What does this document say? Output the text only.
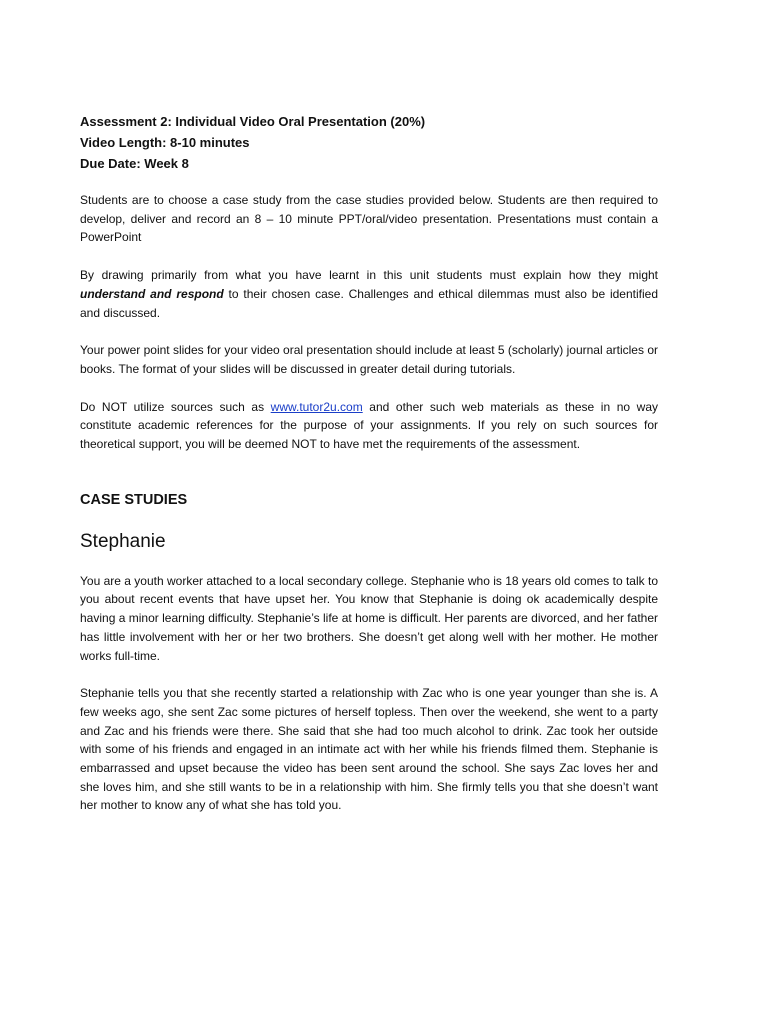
Assessment 2: Individual Video Oral Presentation (20%)

Video Length: 8-10 minutes

Due Date: Week 8

Students are to choose a case study from the case studies provided below. Students are then required to develop, deliver and record an 8 – 10 minute PPT/oral/video presentation. Presentations must contain a PowerPoint

By drawing primarily from what you have learnt in this unit students must explain how they might understand and respond to their chosen case. Challenges and ethical dilemmas must also be identified and discussed.

Your power point slides for your video oral presentation should include at least 5 (scholarly) journal articles or books. The format of your slides will be discussed in greater detail during tutorials.

Do NOT utilize sources such as www.tutor2u.com and other such web materials as these in no way constitute academic references for the purpose of your assignments. If you rely on such sources for theoretical support, you will be deemed NOT to have met the requirements of the assessment.

CASE STUDIES
Stephanie

You are a youth worker attached to a local secondary college. Stephanie who is 18 years old comes to talk to you about recent events that have upset her. You know that Stephanie is doing ok academically despite having a minor learning difficulty. Stephanie’s life at home is difficult. Her parents are divorced, and her father has little involvement with her or her two brothers. She doesn’t get along well with her mother. He mother works full-time.

Stephanie tells you that she recently started a relationship with Zac who is one year younger than she is. A few weeks ago, she sent Zac some pictures of herself topless. Then over the weekend, she went to a party and Zac and his friends were there. She said that she had too much alcohol to drink. Zac took her outside with some of his friends and engaged in an intimate act with her while his friends filmed them. Stephanie is embarrassed and upset because the video has been sent around the school. She says Zac loves her and she loves him, and she still wants to be in a relationship with him. She firmly tells you that she doesn’t want her mother to know any of what she has told you.
